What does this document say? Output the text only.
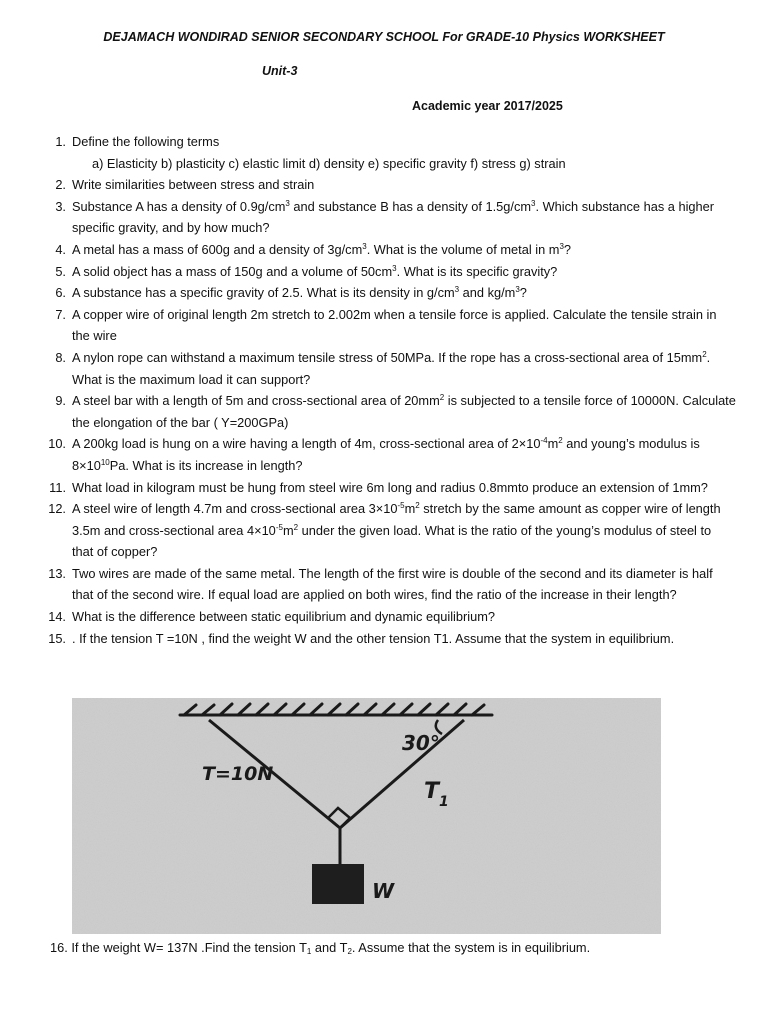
DEJAMACH WONDIRAD SENIOR SECONDARY SCHOOL For GRADE-10 Physics WORKSHEET
Unit-3
Academic year 2017/2025
1. Define the following terms
a) Elasticity b) plasticity c) elastic limit d) density e) specific gravity f) stress g) strain
2. Write similarities between stress and strain
3. Substance A has a density of $0.9g/cm^3$ and substance B has a density of $1.5g/cm^3$. Which substance has a higher specific gravity, and by how much?
4. A metal has a mass of 600g and a density of $3g/cm^3$. What is the volume of metal in $m^3$?
5. A solid object has a mass of 150g and a volume of $50cm^3$. What is its specific gravity?
6. A substance has a specific gravity of 2.5. What is its density in $g/cm^3$ and $kg/m^3$?
7. A copper wire of original length 2m stretch to 2.002m when a tensile force is applied. Calculate the tensile strain in the wire
8. A nylon rope can withstand a maximum tensile stress of 50MPa. If the rope has a cross-sectional area of $15mm^2$. What is the maximum load it can support?
9. A steel bar with a length of 5m and cross-sectional area of $20mm^2$ is subjected to a tensile force of 10000N. Calculate the elongation of the bar ( Y=200GPa)
10. A 200kg load is hung on a wire having a length of 4m, cross-sectional area of $2\times 10^{-4}m^2$ and young’s modulus is $8\times 10^{10}Pa$. What is its increase in length?
11. What load in kilogram must be hung from steel wire 6m long and radius 0.8mmto produce an extension of 1mm?
12. A steel wire of length 4.7m and cross-sectional area $3\times 10^{-5}m^2$ stretch by the same amount as copper wire of length 3.5m and cross-sectional area $4\times 10^{-5}m^2$ under the given load. What is the ratio of the young’s modulus of steel to that of copper?
13. Two wires are made of the same metal. The length of the first wire is double of the second and its diameter is half that of the second wire. If equal load are applied on both wires, find the ratio of the increase in their length?
14. What is the difference between static equilibrium and dynamic equilibrium?
15. . If the tension T =10N , find the weight W and the other tension T1. Assume that the system in equilibrium.
30°
T=10N
$T_1$
W
16. If the weight W= 137N .Find the tension $T_1$ and $T_2$. Assume that the system is in equilibrium.
